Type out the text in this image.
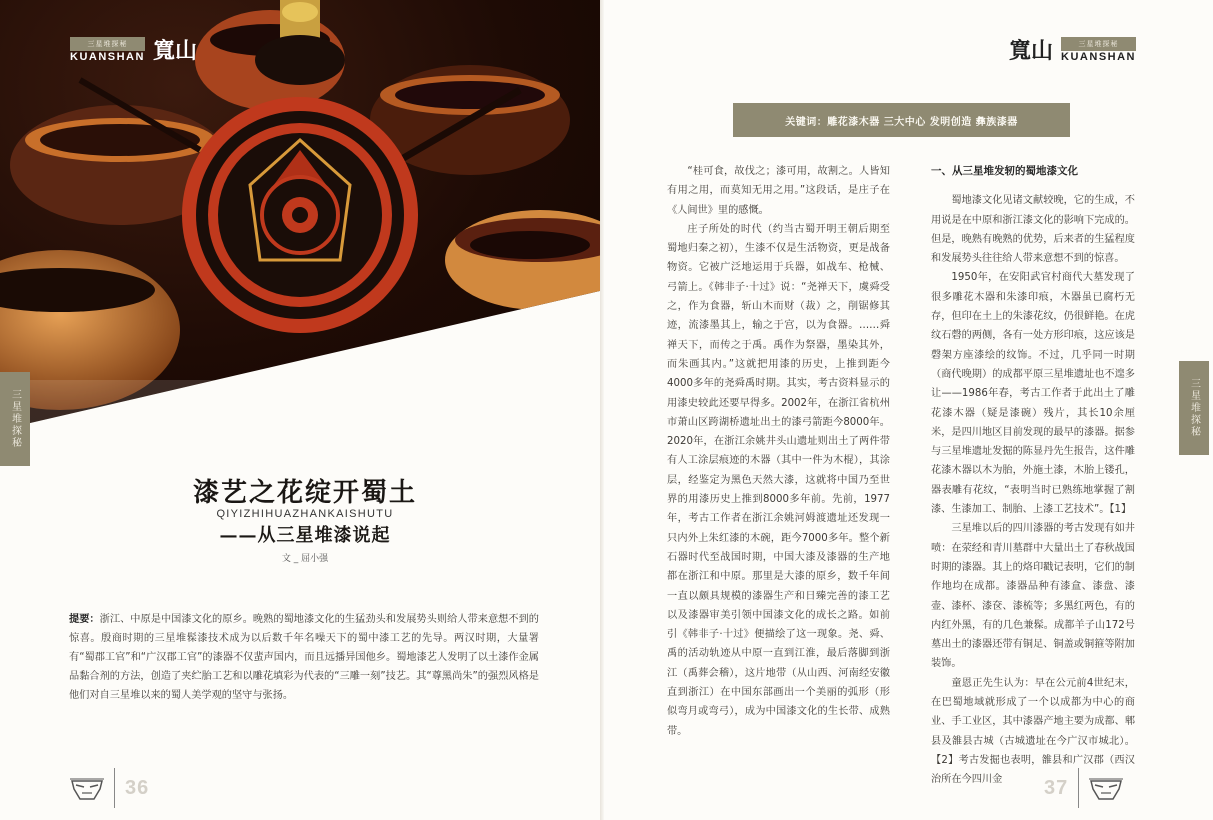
三星堆探秘
KUANSHAN 寬山
三星堆探秘
漆艺之花绽开蜀土
QIYIZHIHUAZHANKAISHUTU
——从三星堆漆说起
文 _ 屈小强
提要：浙江、中原是中国漆文化的原乡。晚熟的蜀地漆文化的生猛劲头和发展势头则给人带来意想不到的惊喜。殷商时期的三星堆髹漆技术成为以后数千年名噪天下的蜀中漆工艺的先导。两汉时期，大量署有“蜀郡工官”和“广汉郡工官”的漆器不仅蜚声国内，而且远播异国他乡。蜀地漆艺人发明了以土漆作金属品黏合剂的方法，创造了夹纻胎工艺和以雕花填彩为代表的“三雕一刻”技艺。其“尊黑尚朱”的强烈风格是他们对自三星堆以来的蜀人美学观的坚守与张扬。
36
寬山	三星堆探秘
KUANSHAN
关键词：雕花漆木器 三大中心 发明创造 彝族漆器

“桂可食，故伐之；漆可用，故割之。人皆知有用之用，而莫知无用之用。”这段话，是庄子在《人间世》里的感慨。

庄子所处的时代（约当古蜀开明王朝后期至蜀地归秦之初），生漆不仅是生活物资，更是战备物资。它被广泛地运用于兵器，如战车、枪械、弓箭上。《韩非子·十过》说：“尧禅天下，虞舜受之，作为食器，斩山木而财（裁）之，削锯修其迹，流漆墨其上，输之于宫，以为食器。……舜禅天下，而传之于禹。禹作为祭器，墨染其外，而朱画其内。”这就把用漆的历史，上推到距今4000多年的尧舜禹时期。其实，考古资料显示的用漆史较此还要早得多。2002年，在浙江省杭州市萧山区跨湖桥遗址出土的漆弓箭距今8000年。2020年，在浙江余姚井头山遗址则出土了两件带有人工涂层痕迹的木器（其中一件为木棍），其涂层，经鉴定为黑色天然大漆，这就将中国乃至世界的用漆历史上推到8000多年前。先前，1977年，考古工作者在浙江余姚河姆渡遗址还发现一只内外上朱红漆的木碗，距今7000多年。整个新石器时代至战国时期，中国大漆及漆器的生产地都在浙江和中原。那里是大漆的原乡，数千年间一直以颇具规模的漆器生产和日臻完善的漆工艺以及漆器审美引领中国漆文化的成长之路。如前引《韩非子·十过》便描绘了这一现象。尧、舜、禹的活动轨迹从中原一直到江淮，最后落脚到浙江（禹葬会稽），这片地带（从山西、河南经安徽直到浙江）在中国东部画出一个美丽的弧形（形似弯月或弯弓），成为中国漆文化的生长带、成熟带。

一、从三星堆发轫的蜀地漆文化

蜀地漆文化见诸文献较晚，它的生成，不用说是在中原和浙江漆文化的影响下完成的。但是，晚熟有晚熟的优势，后来者的生猛程度和发展势头往往给人带来意想不到的惊喜。

1950年，在安阳武官村商代大墓发现了很多雕花木器和朱漆印痕，木器虽已腐朽无存，但印在土上的朱漆花纹，仍很鲜艳。在虎纹石磬的两侧，各有一处方形印痕，这应该是磬架方座漆绘的纹饰。不过，几乎同一时期（商代晚期）的成都平原三星堆遗址也不遑多让——1986年春，考古工作者于此出土了雕花漆木器（疑是漆碗）残片，其长10余厘米，是四川地区目前发现的最早的漆器。据参与三星堆遗址发掘的陈显丹先生报告，这件雕花漆木器以木为胎，外施土漆，木胎上镂孔，器表雕有花纹，“表明当时已熟练地掌握了割漆、生漆加工、制胎、上漆工艺技术”。【1】

三星堆以后的四川漆器的考古发现有如井喷：在荥经和青川墓群中大量出土了春秋战国时期的漆器。其上的烙印戳记表明，它们的制作地均在成都。漆器品种有漆盒、漆盘、漆壶、漆杯、漆奁、漆梳等；多黑红两色，有的内红外黑，有的几色兼髹。成都羊子山172号墓出土的漆器还带有铜足、铜盖或铜箍等附加装饰。

童恩正先生认为：早在公元前4世纪末，在巴蜀地域就形成了一个以成都为中心的商业、手工业区，其中漆器产地主要为成都、郫县及雒县古城（古城遗址在今广汉市城北）。【2】考古发掘也表明，雒县和广汉郡（西汉治所在今四川金

三星堆探秘
37
